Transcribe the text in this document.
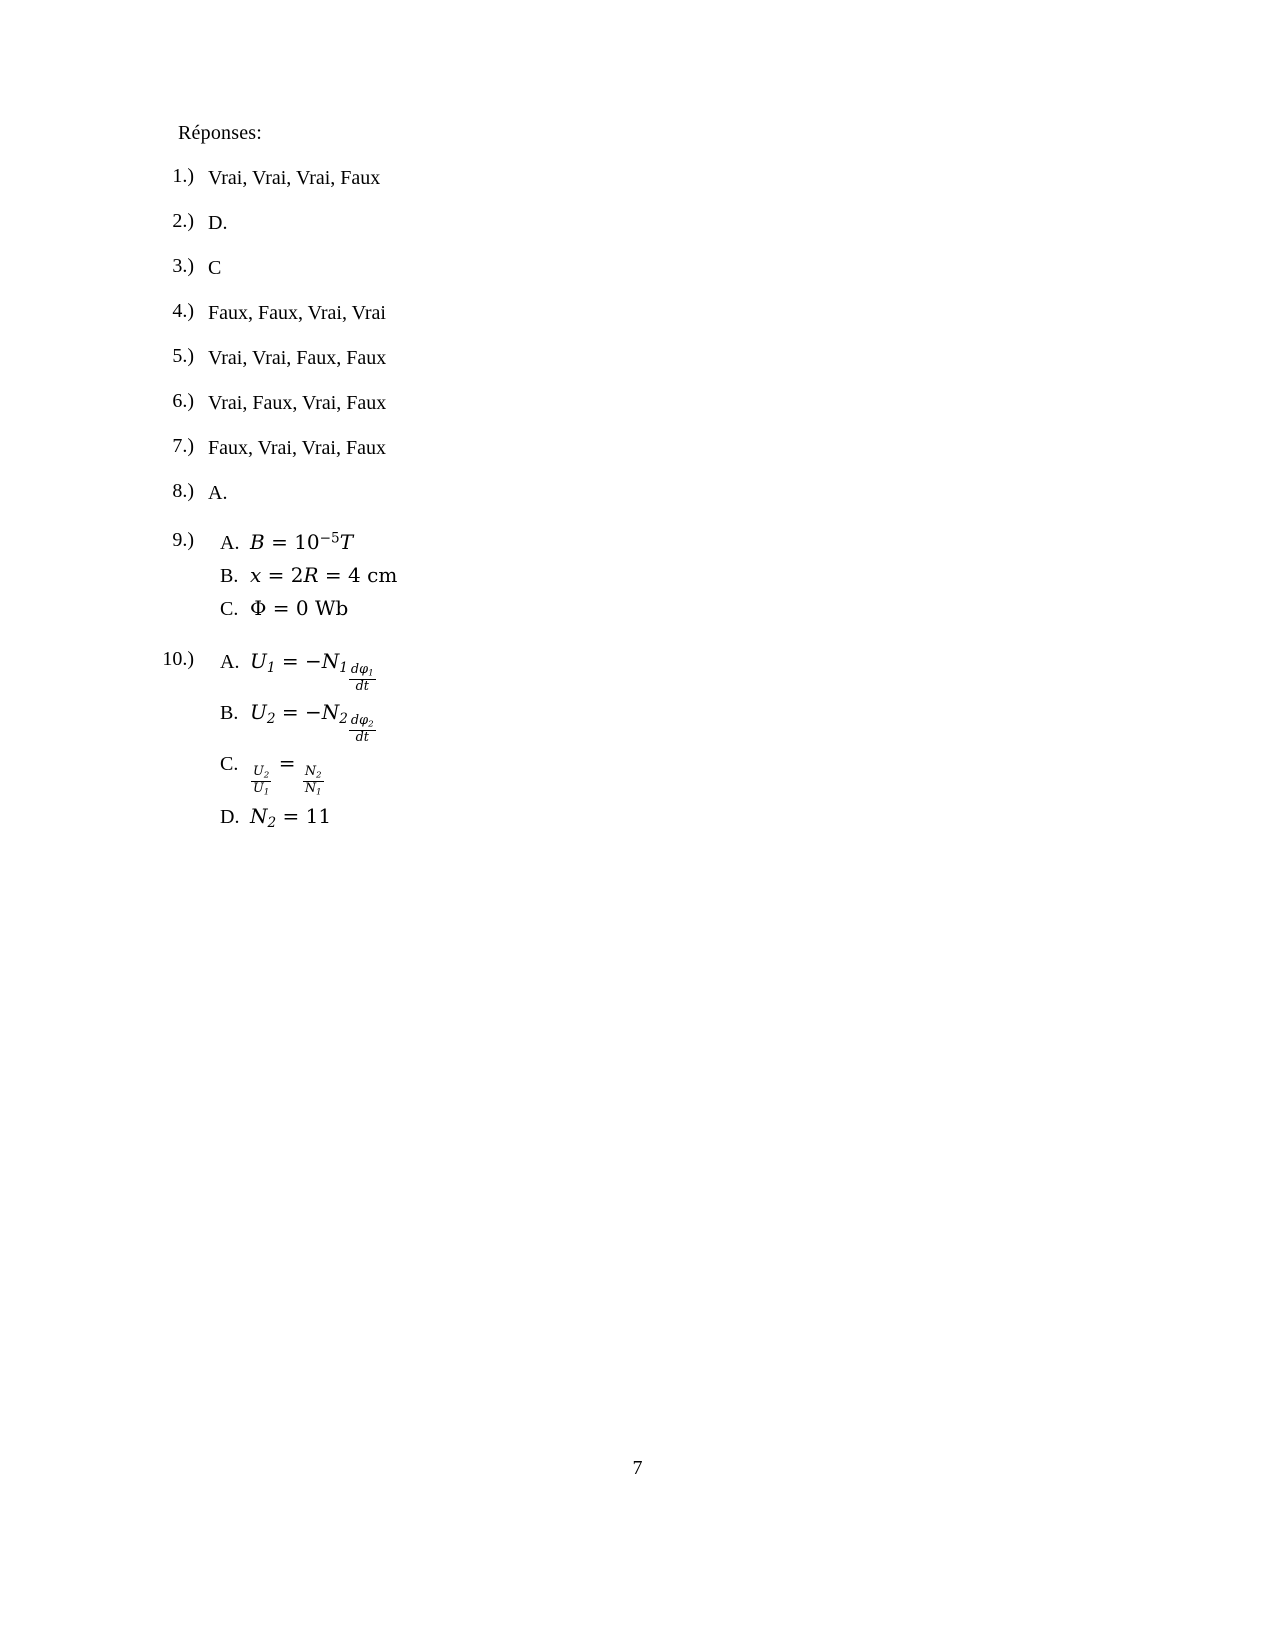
Réponses:
1.) Vrai, Vrai, Vrai, Faux
2.) D.
3.) C
4.) Faux, Faux, Vrai, Vrai
5.) Vrai, Vrai, Faux, Faux
6.) Vrai, Faux, Vrai, Faux
7.) Faux, Vrai, Vrai, Faux
8.) A.
9.) A. $B = 10^{-5}T$
B. x = 2R = 4 cm
C. Φ = 0 Wb
10.) A. $U_1 = -N_1 \frac{d\varphi_1}{dt}$
B. $U_2 = -N_2 \frac{d\varphi_2}{dt}$
C.
$\frac{U_2}{U_1}$
=
$\frac{N_2}{N_1}$
D. $N_2 = 11$
7
